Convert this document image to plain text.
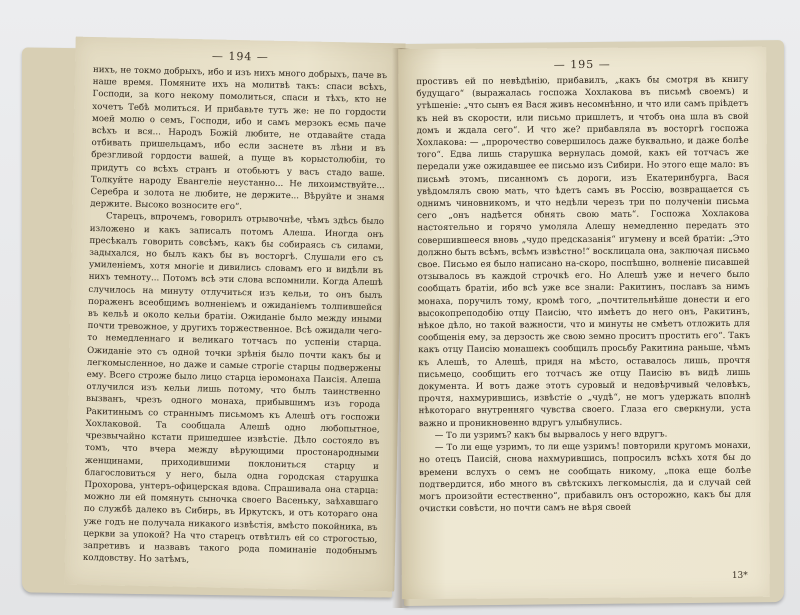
— 194 —

нихъ, не токмо добрыхъ, ибо и изъ нихъ много добрыхъ, паче въ наше время. Помяните ихъ на молитвѣ такъ: спаси всѣхъ, Господи, за кого некому помолиться, спаси и тѣхъ, кто не хочетъ Тебѣ молиться. И прибавьте тутъ же: не по гордости моей молю о семъ, Господи, ибо и самъ мерзокъ есмь паче всѣхъ и вся... Народъ Божій любите, не отдавайте стада отбивать пришельцамъ, ибо если заснете въ лѣни и въ брезгливой гордости вашей, а пуще въ корыстолюбіи, то придутъ со всѣхъ странъ и отобьютъ у васъ стадо ваше. Толкуйте народу Евангеліе неустанно... Не лихоимствуйте... Серебра и золота не любите, не держите... Вѣруйте и знамя держите. Высоко возносите его“.

Старецъ, впрочемъ, говорилъ отрывочнѣе, чѣмъ здѣсь было изложено и какъ записалъ потомъ Алеша. Иногда онъ пресѣкалъ говорить совсѣмъ, какъ бы собираясь съ силами, задыхался, но былъ какъ бы въ восторгѣ. Слушали его съ умиленіемъ, хотя многіе и дивились словамъ его и видѣли въ нихъ темноту... Потомъ всѣ эти слова вспомнили. Когда Алешѣ случилось на минуту отлучиться изъ кельи, то онъ былъ пораженъ всеобщимъ волненіемъ и ожиданіемъ толпившейся въ кельѣ и около кельи братіи. Ожиданіе было между иными почти тревожное, у другихъ торжественное. Всѣ ожидали чего-то немедленнаго и великаго тотчасъ по успеніи старца. Ожиданіе это съ одной точки зрѣнія было почти какъ бы и легкомысленное, но даже и самые строгіе старцы подвержены ему. Всего строже было лицо старца іеромонаха Паисія. Алеша отлучился изъ кельи лишь потому, что былъ таинственно вызванъ, чрезъ одного монаха, прибывшимъ изъ города Ракитинымъ со страннымъ письмомъ къ Алешѣ отъ госпожи Хохлаковой. Та сообщала Алешѣ одно любопытное, чрезвычайно кстати пришедшее извѣстіе. Дѣло состояло въ томъ, что вчера между вѣрующими простонародными женщинами, приходившими поклониться старцу и благословиться у него, была одна городская старушка Прохорова, унтеръ-офицерская вдова. Спрашивала она старца: можно ли ей помянуть сыночка своего Васеньку, заѣхавшаго по службѣ далеко въ Сибирь, въ Иркутскъ, и отъ котораго она уже годъ не получала никакого извѣстія, вмѣсто покойника, въ церкви за упокой? На что старецъ отвѣтилъ ей со строгостью, запретивъ и назвавъ такого рода поминаніе подобнымъ колдовству. Но затѣмъ,

— 195 —

простивъ ей по невѣдѣнію, прибавилъ, „какъ бы смотря въ книгу будущаго“ (выражалась госпожа Хохлакова въ письмѣ своемъ) и утѣшеніе: „что сынъ ея Вася живъ несомнѣнно, и что или самъ пріѣдетъ къ ней въ скорости, или письмо пришлетъ, и чтобъ она шла въ свой домъ и ждала сего“. И что же? прибавляла въ восторгѣ госпожа Хохлакова: — „пророчество совершилось даже буквально, и даже болѣе того“. Едва лишь старушка вернулась домой, какъ ей тотчасъ же передали уже ожидавшее ее письмо изъ Сибири. Но этого еще мало: въ письмѣ этомъ, писанномъ съ дороги, изъ Екатеринбурга, Вася увѣдомлялъ свою мать, что ѣдетъ самъ въ Россію, возвращается съ однимъ чиновникомъ, и что недѣли черезъ три по полученіи письма сего „онъ надѣется обнять свою мать“. Госпожа Хохлакова настоятельно и горячо умоляла Алешу немедленно передать это совершившееся вновь „чудо предсказанія“ игумену и всей братіи: „Это должно быть всѣмъ, всѣмъ извѣстно!“ восклицала она, заключая письмо свое. Письмо ея было написано на-скоро, поспѣшно, волненіе писавшей отзывалось въ каждой строчкѣ его. Но Алешѣ уже и нечего было сообщать братіи, ибо всѣ уже все знали: Ракитинъ, пославъ за нимъ монаха, поручилъ тому, кромѣ того, „почтительнѣйше донести и его высокопреподобію отцу Паисію, что имѣетъ до него онъ, Ракитинъ, нѣкое дѣло, но такой важности, что и минуты не смѣетъ отложить для сообщенія ему, за дерзость же свою земно проситъ простить его“. Такъ какъ отцу Паисію монашекъ сообщилъ просьбу Ракитина раньше, чѣмъ къ Алешѣ, то Алешѣ, придя на мѣсто, оставалось лишь, прочтя письмецо, сообщить его тотчасъ же отцу Паисію въ видѣ лишь документа. И вотъ даже этотъ суровый и недовѣрчивый человѣкъ, прочтя, нахмурившись, извѣстіе о „чудѣ“, не могъ удержать вполнѣ нѣкотораго внутренняго чувства своего. Глаза его сверкнули, уста важно и проникновенно вдругъ улыбнулись.

— То ли узримъ? какъ бы вырвалось у него вдругъ.

— То ли еще узримъ, то ли еще узримъ! повторили кругомъ монахи, но отецъ Паисій, снова нахмурившись, попросилъ всѣхъ хотя бы до времени вслухъ о семъ не сообщать никому, „пока еще болѣе подтвердится, ибо много въ свѣтскихъ легкомыслія, да и случай сей могъ произойти естественно“, прибавилъ онъ осторожно, какъ бы для очистки совѣсти, но почти самъ не вѣря своей

13*
